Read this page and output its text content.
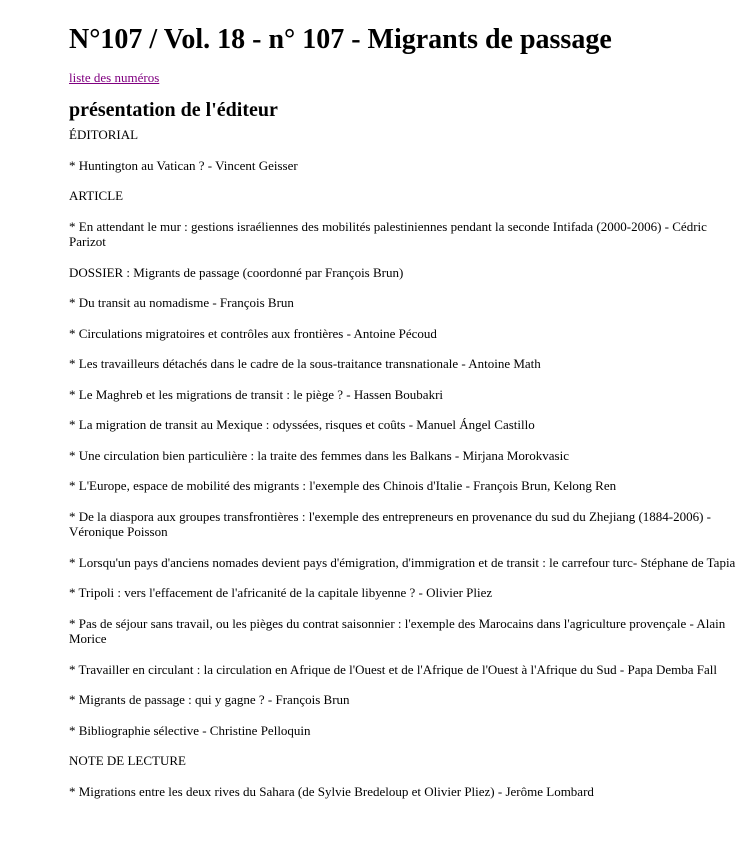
N°107 / Vol. 18 - n° 107 - Migrants de passage
liste des numéros
présentation de l'éditeur

ÉDITORIAL

* Huntington au Vatican ? - Vincent Geisser

ARTICLE

* En attendant le mur : gestions israéliennes des mobilités palestiniennes pendant la seconde Intifada (2000-2006) - Cédric Parizot

DOSSIER : Migrants de passage (coordonné par François Brun)

* Du transit au nomadisme - François Brun

* Circulations migratoires et contrôles aux frontières - Antoine Pécoud

* Les travailleurs détachés dans le cadre de la sous-traitance transnationale - Antoine Math

* Le Maghreb et les migrations de transit : le piège ? - Hassen Boubakri

* La migration de transit au Mexique : odyssées, risques et coûts - Manuel Ángel Castillo

* Une circulation bien particulière : la traite des femmes dans les Balkans - Mirjana Morokvasic

* L'Europe, espace de mobilité des migrants : l'exemple des Chinois d'Italie - François Brun, Kelong Ren

* De la diaspora aux groupes transfrontières : l'exemple des entrepreneurs en provenance du sud du Zhejiang (1884-2006) - Véronique Poisson

* Lorsqu'un pays d'anciens nomades devient pays d'émigration, d'immigration et de transit : le carrefour turc- Stéphane de Tapia

* Tripoli : vers l'effacement de l'africanité de la capitale libyenne ? - Olivier Pliez

* Pas de séjour sans travail, ou les pièges du contrat saisonnier : l'exemple des Marocains dans l'agriculture provençale - Alain Morice

* Travailler en circulant : la circulation en Afrique de l'Ouest et de l'Afrique de l'Ouest à l'Afrique du Sud - Papa Demba Fall

* Migrants de passage : qui y gagne ? - François Brun

* Bibliographie sélective - Christine Pelloquin

NOTE DE LECTURE

* Migrations entre les deux rives du Sahara (de Sylvie Bredeloup et Olivier Pliez) - Jerôme Lombard
